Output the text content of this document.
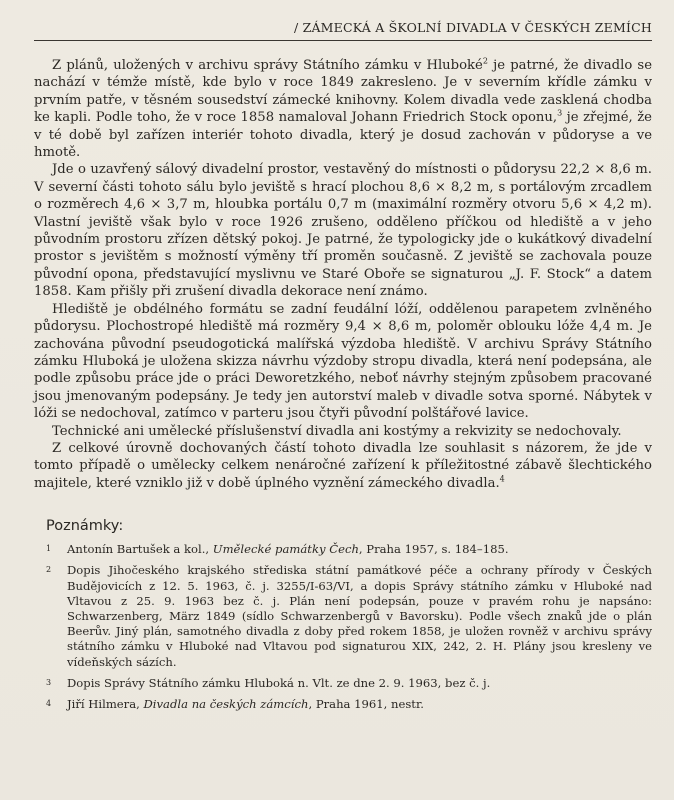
/ ZÁMECKÁ A ŠKOLNÍ DIVADLA V ČESKÝCH ZEMÍCH

Z plánů, uložených v archivu správy Státního zámku v Hluboké$^2$ je patrné, že divadlo se nachází v témže místě, kde bylo v roce 1849 zakresleno. Je v severním křídle zámku v prvním patře, v těsném sousedství zámecké knihovny. Kolem divadla vede zasklená chodba ke kapli. Podle toho, že v roce 1858 namaloval Johann Friedrich Stock oponu,$^3$ je zřejmé, že v té době byl zařízen interiér tohoto divadla, který je dosud zachován v půdoryse a ve hmotě.

Jde o uzavřený sálový divadelní prostor, vestavěný do místnosti o půdorysu 22,2 × 8,6 m. V severní části tohoto sálu bylo jeviště s hrací plochou 8,6 × 8,2 m, s portálovým zrcadlem o rozměrech 4,6 × 3,7 m, hloubka portálu 0,7 m (maximální rozměry otvoru 5,6 × 4,2 m). Vlastní jeviště však bylo v roce 1926 zrušeno, odděleno příčkou od hlediště a v jeho původním prostoru zřízen dětský pokoj. Je patrné, že typologicky jde o kukátkový divadelní prostor s jevištěm s možností výměny tří proměn současně. Z jeviště se zachovala pouze původní opona, představující myslivnu ve Staré Oboře se signaturou „J. F. Stock“ a datem 1858. Kam přišly při zrušení divadla dekorace není známo.

Hlediště je obdélného formátu se zadní feudální lóží, oddělenou parapetem zvlněného půdorysu. Plochostropé hlediště má rozměry 9,4 × 8,6 m, poloměr oblouku lóže 4,4 m. Je zachována původní pseudogotická malířská výzdoba hlediště. V archivu Správy Státního zámku Hluboká je uložena skizza návrhu výzdoby stropu divadla, která není podepsána, ale podle způsobu práce jde o práci Deworetzkého, neboť návrhy stejným způsobem pracované jsou jmenovaným podepsány. Je tedy jen autorství maleb v divadle sotva sporné. Nábytek v lóži se nedochoval, zatímco v parteru jsou čtyři původní polštářové lavice.

Technické ani umělecké příslušenství divadla ani kostýmy a rekvizity se nedochovaly.

Z celkové úrovně dochovaných částí tohoto divadla lze souhlasit s názorem, že jde v tomto případě o umělecky celkem nenáročné zařízení k příležitostné zábavě šlechtického majitele, které vzniklo již v době úplného vyznění zámeckého divadla.$^4$

Poznámky:
1	Antonín Bartušek a kol., Umělecké památky Čech, Praha 1957, s. 184–185.
2	Dopis Jihočeského krajského střediska státní památkové péče a ochrany přírody v Českých Budějovicích z 12. 5. 1963, č. j. 3255/I-63/VI, a dopis Správy státního zámku v Hluboké nad Vltavou z 25. 9. 1963 bez č. j. Plán není podepsán, pouze v pravém rohu je napsáno: Schwarzenberg, März 1849 (sídlo Schwarzenbergů v Bavorsku). Podle všech znaků jde o plán Beerův. Jiný plán, samotného divadla z doby před rokem 1858, je uložen rovněž v archivu správy státního zámku v Hluboké nad Vltavou pod signaturou XIX, 242, 2. H. Plány jsou kresleny ve vídeňských sázích.
3	Dopis Správy Státního zámku Hluboká n. Vlt. ze dne 2. 9. 1963, bez č. j.
4	Jiří Hilmera, Divadla na českých zámcích, Praha 1961, nestr.
